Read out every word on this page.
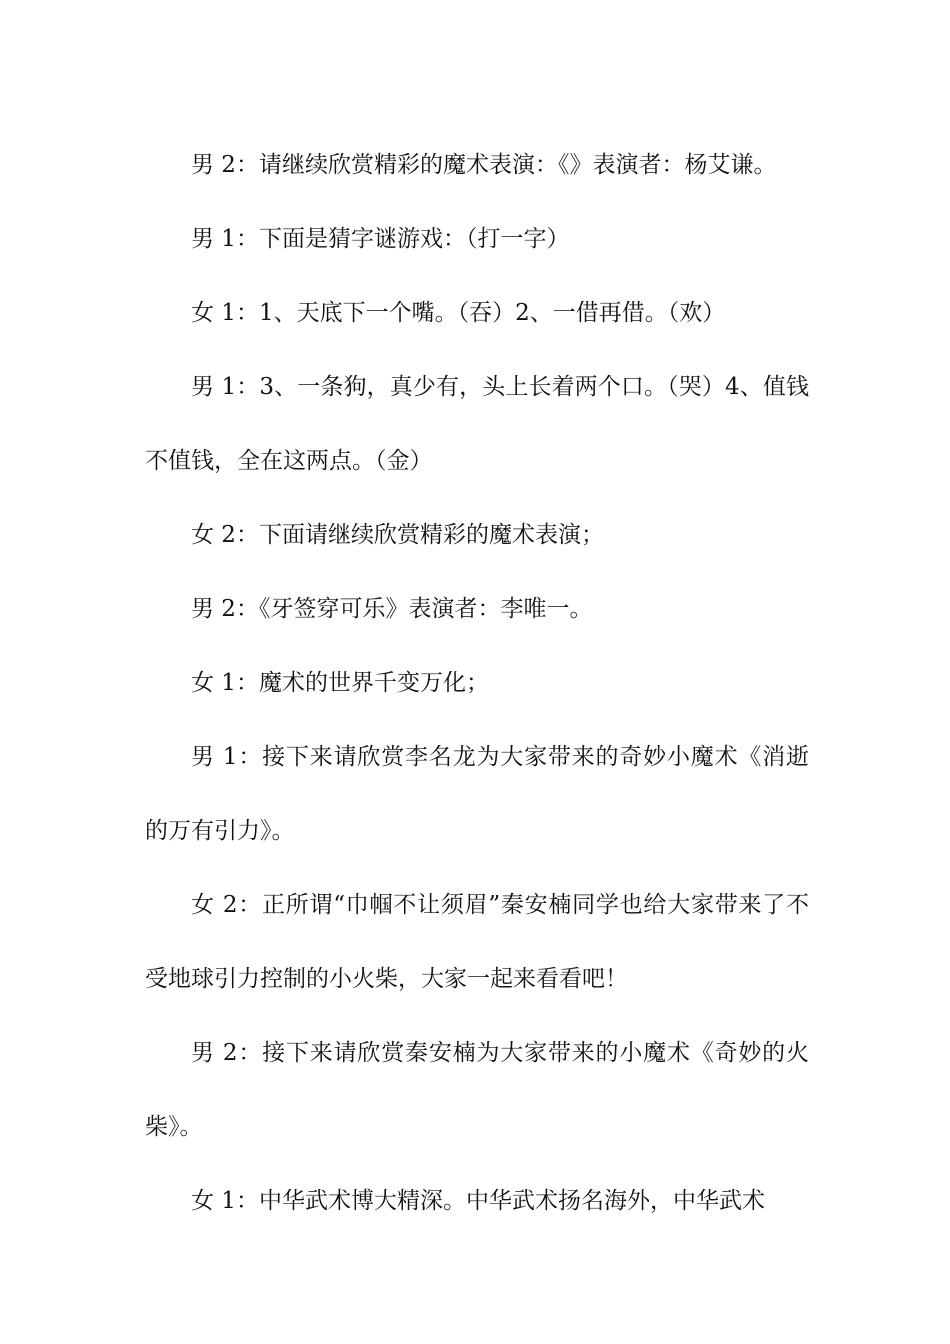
男 2：请继续欣赏精彩的魔术表演：《》表演者：杨艾谦。

男 1：下面是猜字谜游戏：（打一字）

女 1：1、天底下一个嘴。（吞）2、一借再借。（欢）

男 1：3、一条狗，真少有，头上长着两个口。（哭）4、值钱不值钱，全在这两点。（金）

女 2：下面请继续欣赏精彩的魔术表演；

男 2：《牙签穿可乐》表演者：李唯一。

女 1：魔术的世界千变万化；

男 1：接下来请欣赏李名龙为大家带来的奇妙小魔术《消逝的万有引力》。

女 2：正所谓“巾帼不让须眉”秦安楠同学也给大家带来了不受地球引力控制的小火柴，大家一起来看看吧！

男 2：接下来请欣赏秦安楠为大家带来的小魔术《奇妙的火柴》。

女 1：中华武术博大精深。中华武术扬名海外，中华武术
